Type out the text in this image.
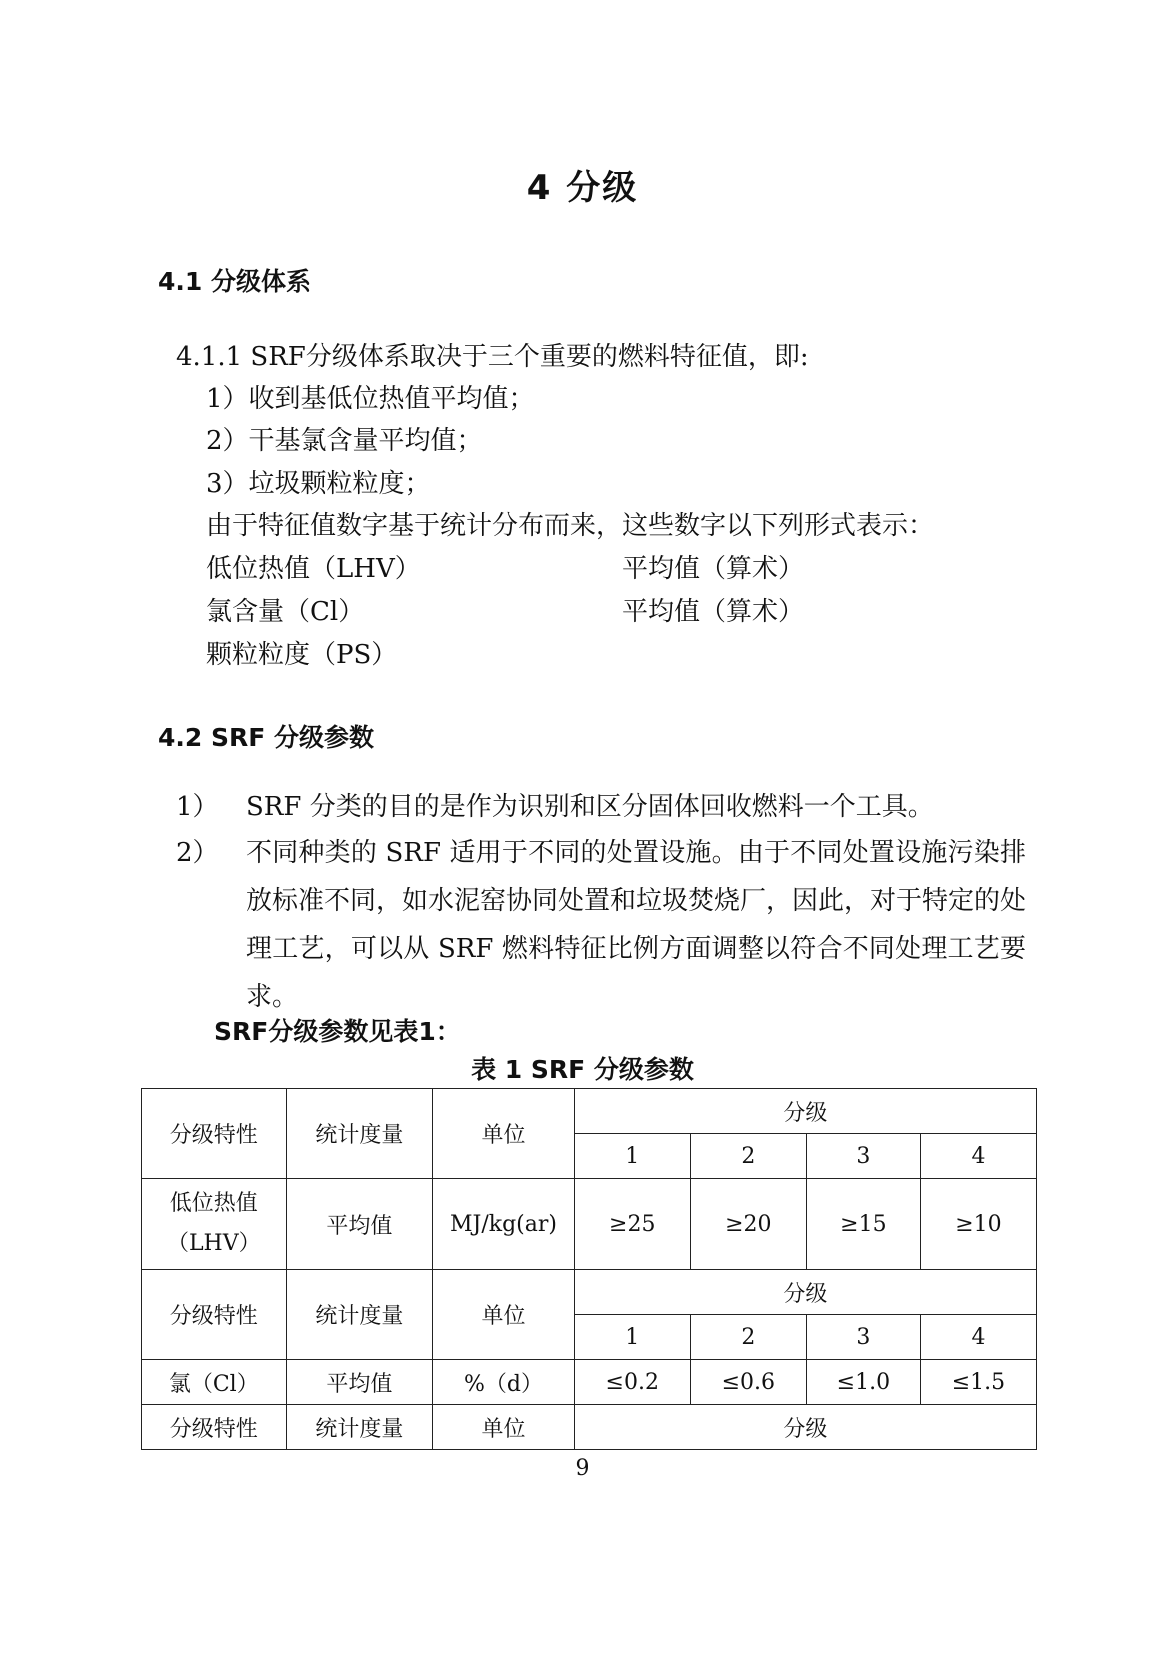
4 分级
4.1 分级体系
4.1.1 SRF分级体系取决于三个重要的燃料特征值，即:
1）收到基低位热值平均值；
2）干基氯含量平均值；
3）垃圾颗粒粒度；
由于特征值数字基于统计分布而来，这些数字以下列形式表示：
低位热值（LHV）	平均值（算术）
氯含量（Cl）	平均值（算术）
颗粒粒度（PS）
4.2 SRF 分级参数
1） SRF 分类的目的是作为识别和区分固体回收燃料一个工具。
2） 不同种类的 SRF 适用于不同的处置设施。由于不同处置设施污染排放标准不同，如水泥窑协同处置和垃圾焚烧厂，因此，对于特定的处理工艺，可以从 SRF 燃料特征比例方面调整以符合不同处理工艺要求。
SRF分级参数见表1：
表 1 SRF 分级参数
分级特性	统计度量	单位	分级			
			1	2	3	4
低位热值（LHV）	平均值	MJ/kg(ar)	≥25	≥20	≥15	≥10
分级特性	统计度量	单位	分级			
			1	2	3	4
氯（Cl）	平均值	%（d）	≤0.2	≤0.6	≤1.0	≤1.5
分级特性	统计度量	单位	分级			
9
